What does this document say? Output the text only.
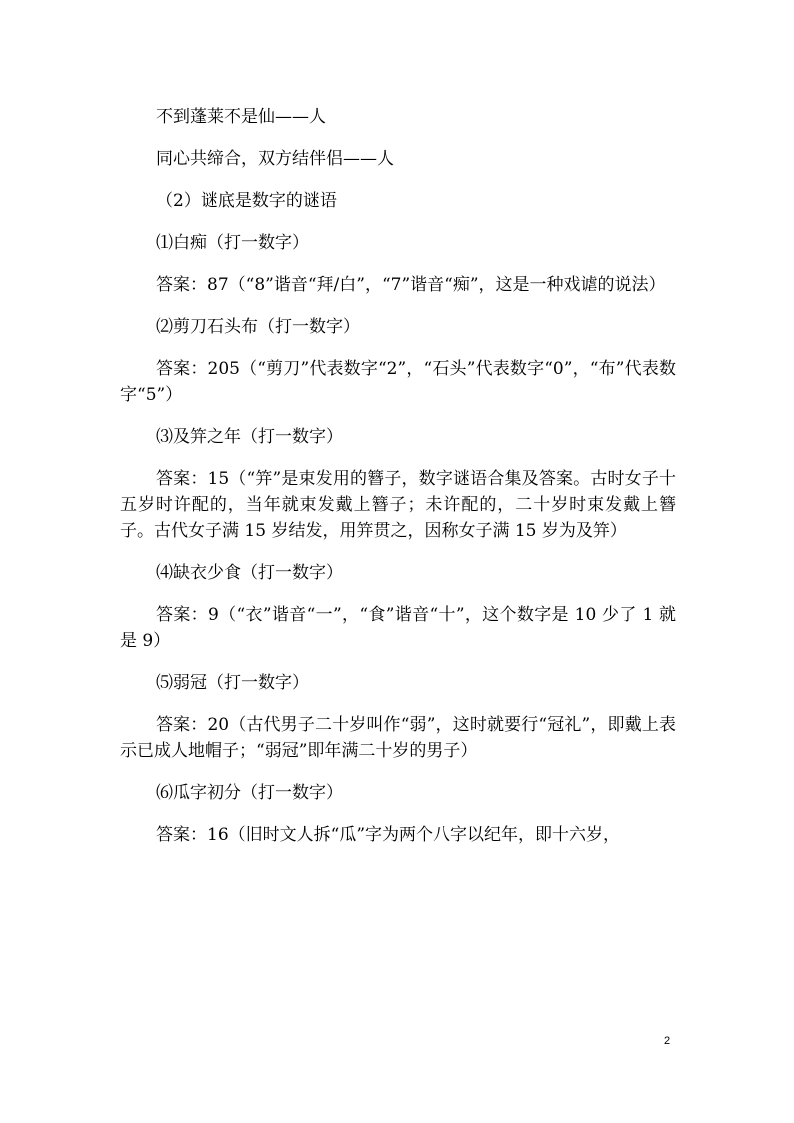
不到蓬莱不是仙——人

同心共缔合，双方结伴侣——人

（2）谜底是数字的谜语

⑴白痴（打一数字）

答案：87（“8”谐音“拜/白”，“7”谐音“痴”，这是一种戏谑的说法）

⑵剪刀石头布（打一数字）

答案：205（“剪刀”代表数字“2”，“石头”代表数字“0”，“布”代表数字“5”）

⑶及笄之年（打一数字）

答案：15（“笄”是束发用的簪子，数字谜语合集及答案。古时女子十五岁时许配的，当年就束发戴上簪子；未许配的，二十岁时束发戴上簪子。古代女子满 15 岁结发，用笄贯之，因称女子满 15 岁为及笄）

⑷缺衣少食（打一数字）

答案：9（“衣”谐音“一”，“食”谐音“十”，这个数字是 10 少了 1 就是 9）

⑸弱冠（打一数字）

答案：20（古代男子二十岁叫作“弱”，这时就要行“冠礼”，即戴上表示已成人地帽子；“弱冠”即年满二十岁的男子）

⑹瓜字初分（打一数字）

答案：16（旧时文人拆“瓜”字为两个八字以纪年，即十六岁，

2
